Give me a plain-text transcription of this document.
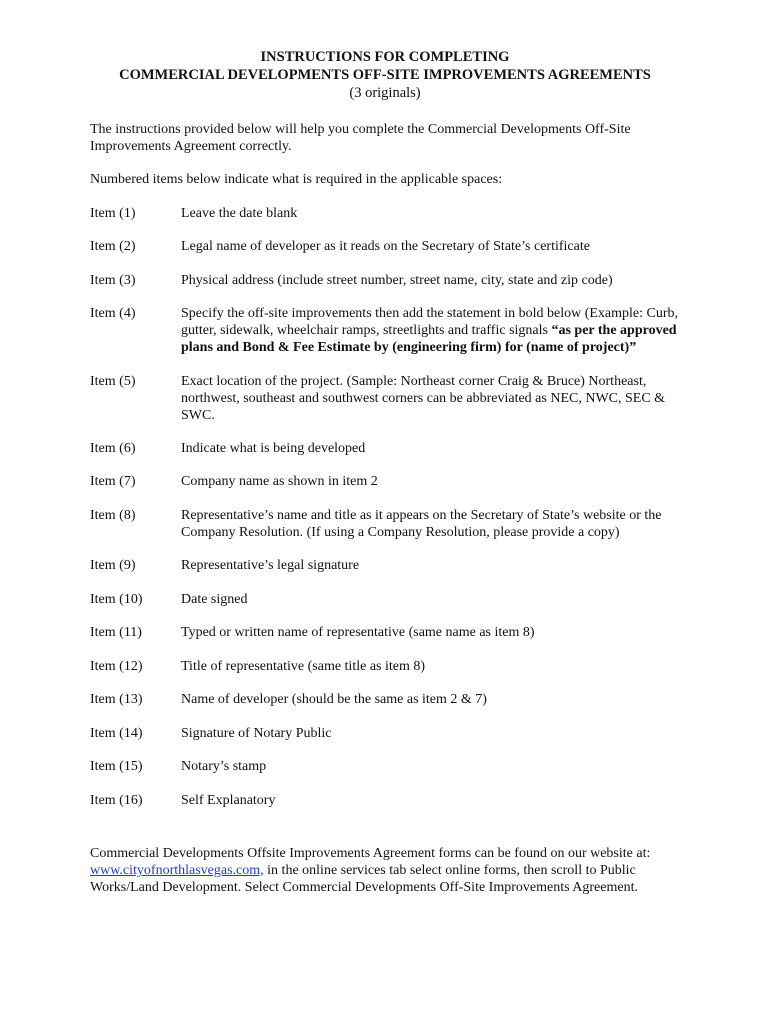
INSTRUCTIONS FOR COMPLETING
COMMERCIAL DEVELOPMENTS OFF-SITE IMPROVEMENTS AGREEMENTS
(3 originals)
The instructions provided below will help you complete the Commercial Developments Off-Site Improvements Agreement correctly.
Numbered items below indicate what is required in the applicable spaces:
Item (1)	Leave the date blank
Item (2)	Legal name of developer as it reads on the Secretary of State’s certificate
Item (3)	Physical address (include street number, street name, city, state and zip code)
Item (4)	Specify the off-site improvements then add the statement in bold below (Example: Curb, gutter, sidewalk, wheelchair ramps, streetlights and traffic signals “as per the approved plans and Bond & Fee Estimate by (engineering firm) for (name of project)”
Item (5)	Exact location of the project. (Sample: Northeast corner Craig & Bruce) Northeast, northwest, southeast and southwest corners can be abbreviated as NEC, NWC, SEC & SWC.
Item (6)	Indicate what is being developed
Item (7)	Company name as shown in item 2
Item (8)	Representative’s name and title as it appears on the Secretary of State’s website or the Company Resolution. (If using a Company Resolution, please provide a copy)
Item (9)	Representative’s legal signature
Item (10)	Date signed
Item (11)	Typed or written name of representative (same name as item 8)
Item (12)	Title of representative (same title as item 8)
Item (13)	Name of developer (should be the same as item 2 & 7)
Item (14)	Signature of Notary Public
Item (15)	Notary’s stamp
Item (16)	Self Explanatory
Commercial Developments Offsite Improvements Agreement forms can be found on our website at: www.cityofnorthlasvegas.com, in the online services tab select online forms, then scroll to Public Works/Land Development. Select Commercial Developments Off-Site Improvements Agreement.
